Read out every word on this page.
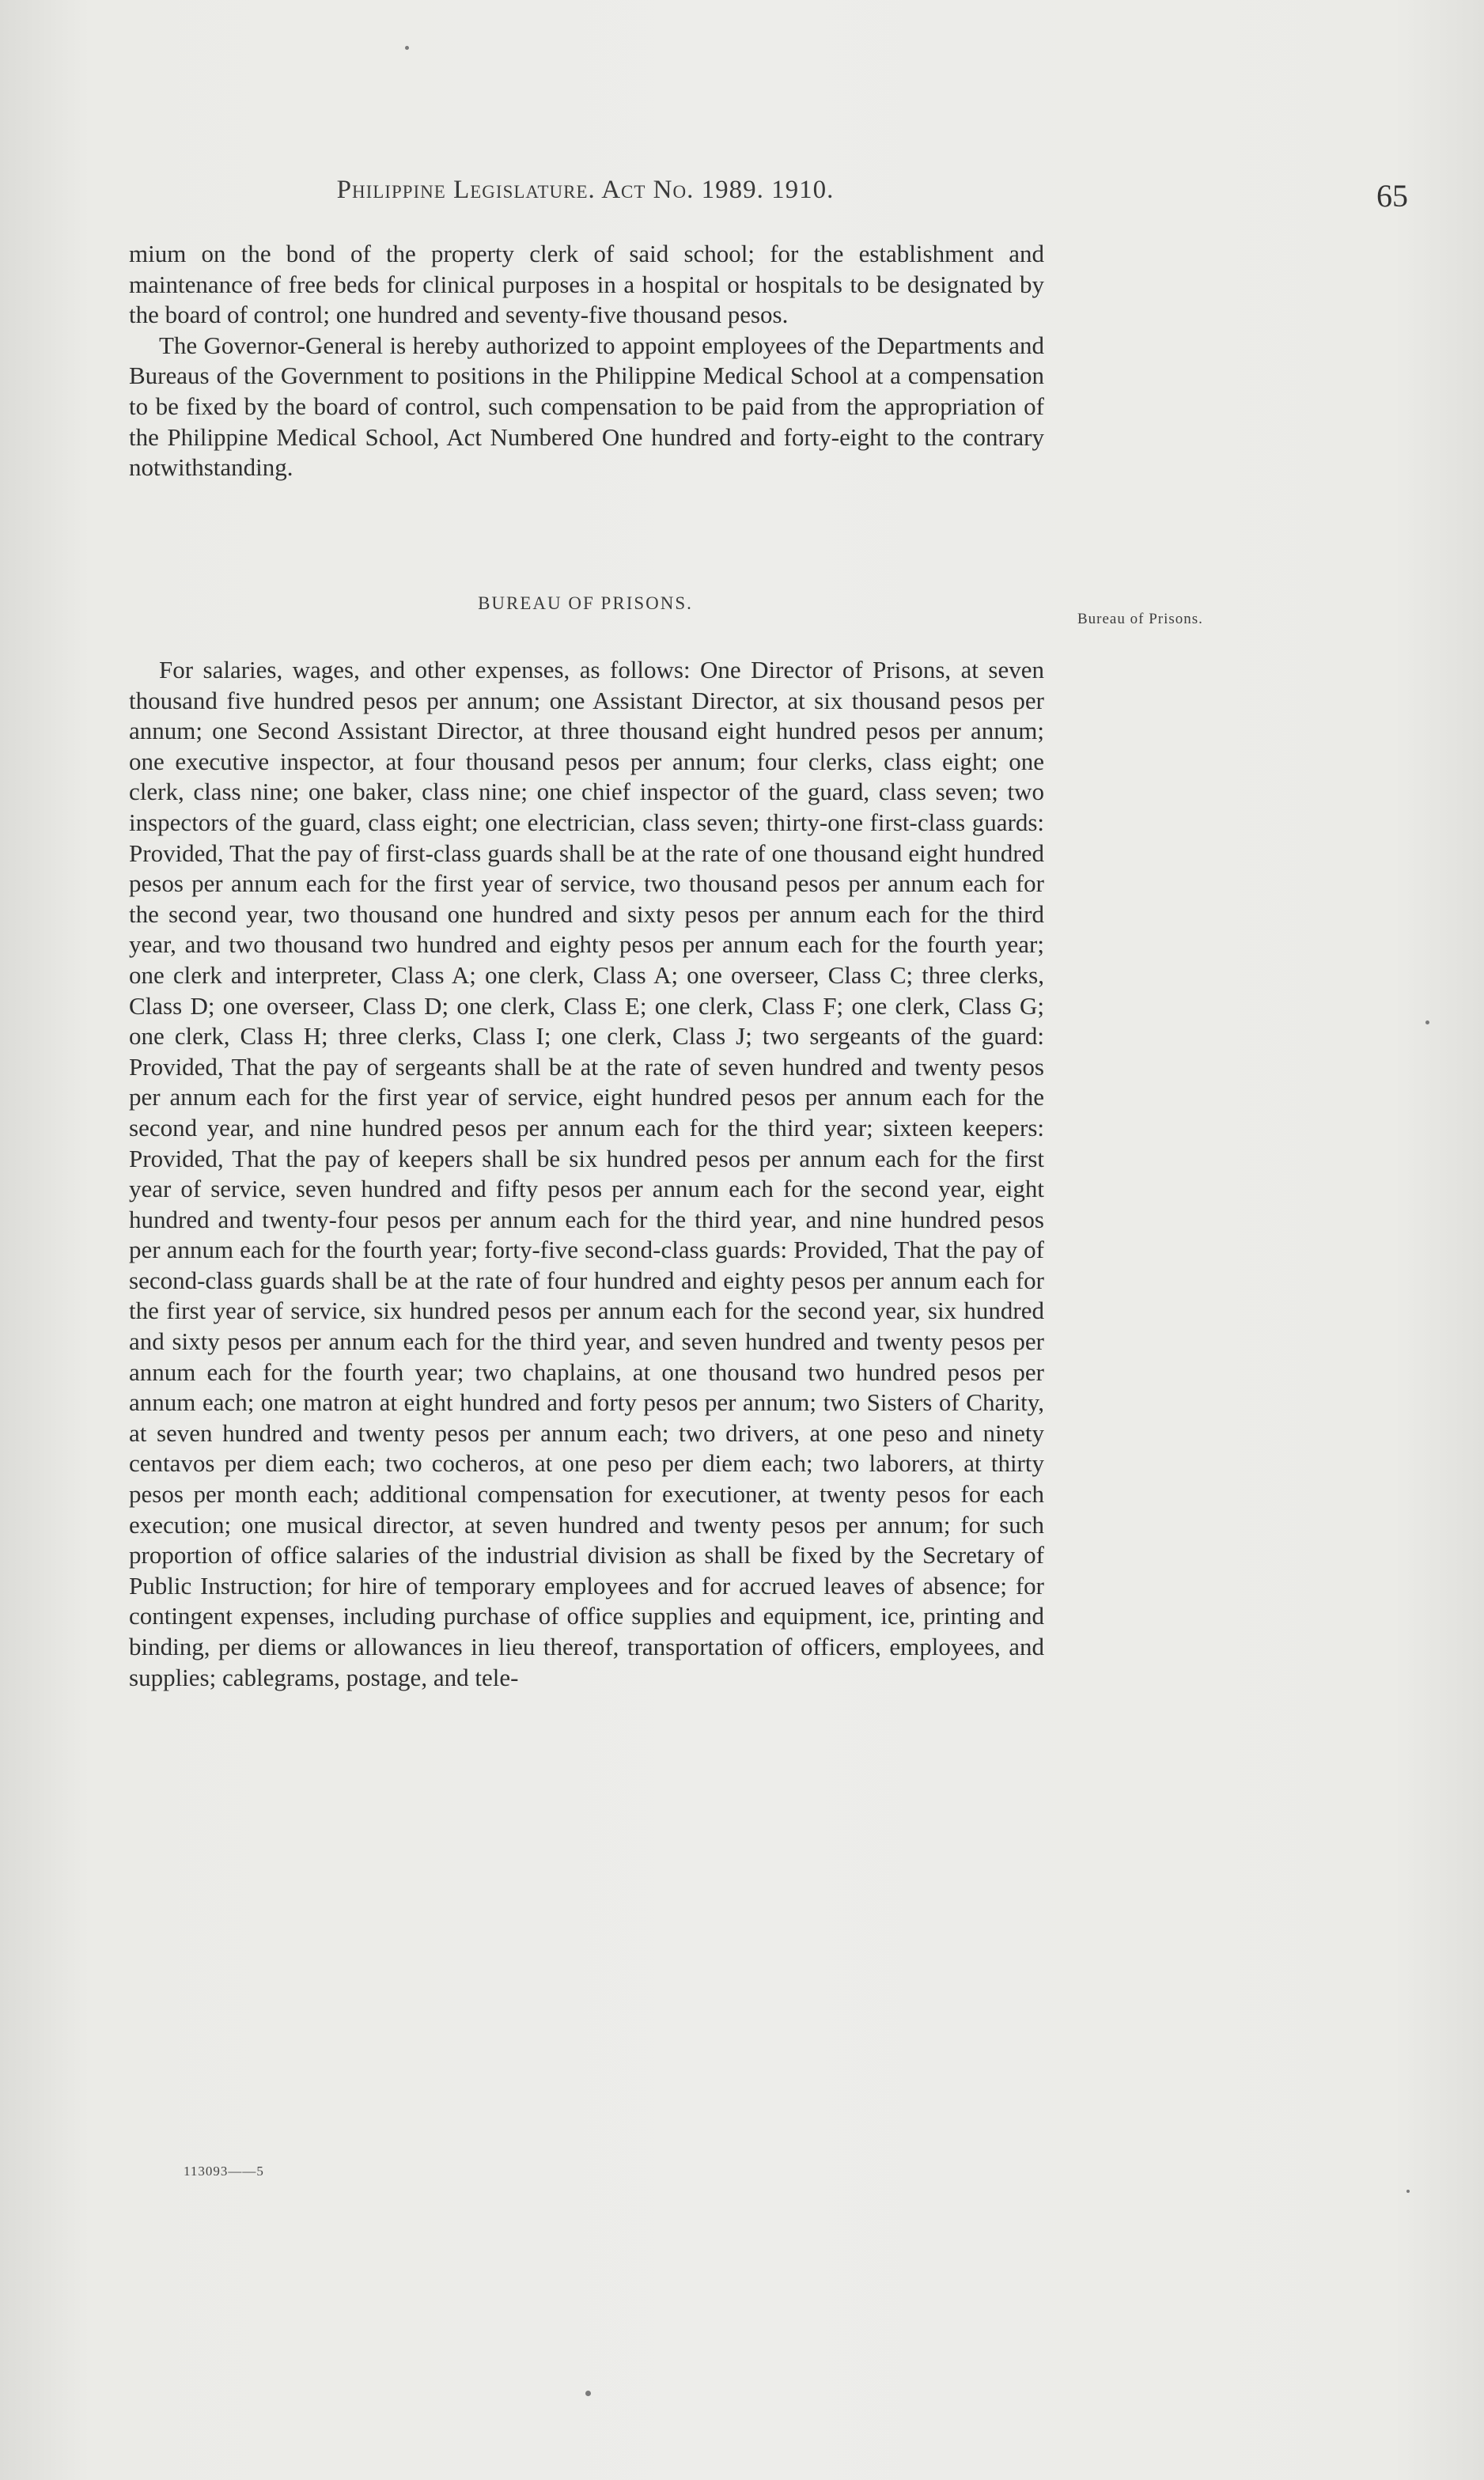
Philippine Legislature. Act No. 1989. 1910.	65

mium on the bond of the property clerk of said school; for the establishment and maintenance of free beds for clinical purposes in a hospital or hospitals to be designated by the board of control; one hundred and seventy-five thousand pesos.

The Governor-General is hereby authorized to appoint employees of the Departments and Bureaus of the Government to positions in the Philippine Medical School at a compensation to be fixed by the board of control, such compensation to be paid from the appropriation of the Philippine Medical School, Act Numbered One hundred and forty-eight to the contrary notwithstanding.

BUREAU OF PRISONS.
Bureau of Prisons.

For salaries, wages, and other expenses, as follows: One Director of Prisons, at seven thousand five hundred pesos per annum; one Assistant Director, at six thousand pesos per annum; one Second Assistant Director, at three thousand eight hundred pesos per annum; one executive inspector, at four thousand pesos per annum; four clerks, class eight; one clerk, class nine; one baker, class nine; one chief inspector of the guard, class seven; two inspectors of the guard, class eight; one electrician, class seven; thirty-one first-class guards: Provided, That the pay of first-class guards shall be at the rate of one thousand eight hundred pesos per annum each for the first year of service, two thousand pesos per annum each for the second year, two thousand one hundred and sixty pesos per annum each for the third year, and two thousand two hundred and eighty pesos per annum each for the fourth year; one clerk and interpreter, Class A; one clerk, Class A; one overseer, Class C; three clerks, Class D; one overseer, Class D; one clerk, Class E; one clerk, Class F; one clerk, Class G; one clerk, Class H; three clerks, Class I; one clerk, Class J; two sergeants of the guard: Provided, That the pay of sergeants shall be at the rate of seven hundred and twenty pesos per annum each for the first year of service, eight hundred pesos per annum each for the second year, and nine hundred pesos per annum each for the third year; sixteen keepers: Provided, That the pay of keepers shall be six hundred pesos per annum each for the first year of service, seven hundred and fifty pesos per annum each for the second year, eight hundred and twenty-four pesos per annum each for the third year, and nine hundred pesos per annum each for the fourth year; forty-five second-class guards: Provided, That the pay of second-class guards shall be at the rate of four hundred and eighty pesos per annum each for the first year of service, six hundred pesos per annum each for the second year, six hundred and sixty pesos per annum each for the third year, and seven hundred and twenty pesos per annum each for the fourth year; two chaplains, at one thousand two hundred pesos per annum each; one matron at eight hundred and forty pesos per annum; two Sisters of Charity, at seven hundred and twenty pesos per annum each; two drivers, at one peso and ninety centavos per diem each; two cocheros, at one peso per diem each; two laborers, at thirty pesos per month each; additional compensation for executioner, at twenty pesos for each execution; one musical director, at seven hundred and twenty pesos per annum; for such proportion of office salaries of the industrial division as shall be fixed by the Secretary of Public Instruction; for hire of temporary employees and for accrued leaves of absence; for contingent expenses, including purchase of office supplies and equipment, ice, printing and binding, per diems or allowances in lieu thereof, transportation of officers, employees, and supplies; cablegrams, postage, and tele-

113093——5
